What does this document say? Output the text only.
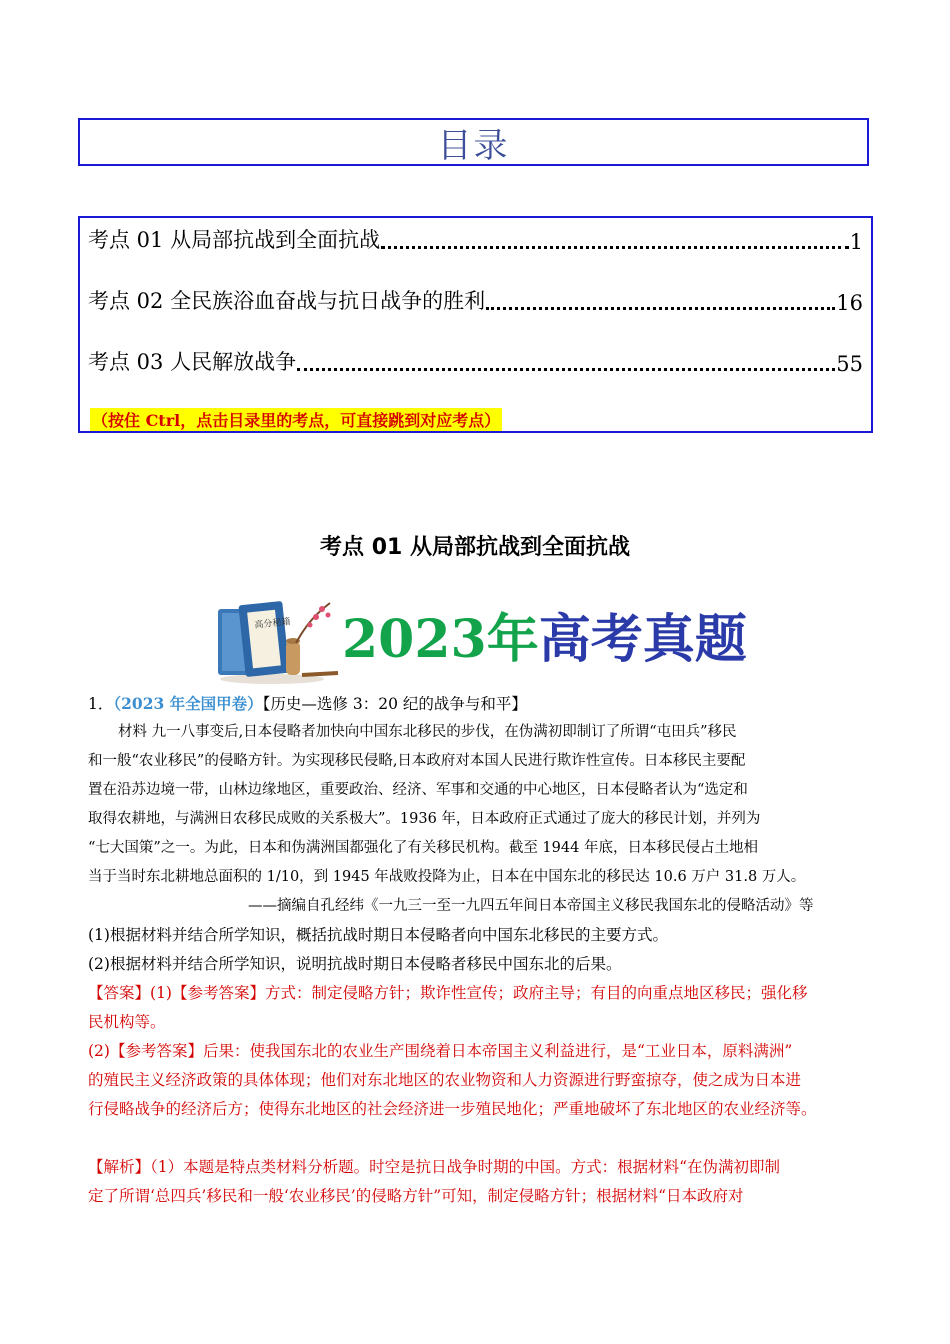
目录
考点 01 从局部抗战到全面抗战	1
考点 02 全民族浴血奋战与抗日战争的胜利	16
考点 03 人民解放战争	55
（按住 Ctrl，点击目录里的考点，可直接跳到对应考点）
考点 01 从局部抗战到全面抗战
高分秘籍 2023年高考真题
1．（2023 年全国甲卷）【历史—选修 3：20 纪的战争与和平】
材料 九一八事变后,日本侵略者加快向中国东北移民的步伐，在伪满初即制订了所谓“屯田兵”移民
和一般“农业移民”的侵略方针。为实现移民侵略,日本政府对本国人民进行欺诈性宣传。日本移民主要配
置在沿苏边境一带，山林边缘地区，重要政治、经济、军事和交通的中心地区，日本侵略者认为“选定和
取得农耕地，与满洲日农移民成败的关系极大”。1936 年，日本政府正式通过了庞大的移民计划，并列为
“七大国策”之一。为此，日本和伪满洲国都强化了有关移民机构。截至 1944 年底，日本移民侵占土地相
当于当时东北耕地总面积的 1/10，到 1945 年战败投降为止，日本在中国东北的移民达 10.6 万户 31.8 万人。
——摘编自孔经纬《一九三一至一九四五年间日本帝国主义移民我国东北的侵略活动》等
(1)根据材料并结合所学知识，概括抗战时期日本侵略者向中国东北移民的主要方式。
(2)根据材料并结合所学知识，说明抗战时期日本侵略者移民中国东北的后果。
【答案】(1)【参考答案】方式：制定侵略方针；欺诈性宣传；政府主导；有目的向重点地区移民；强化移
民机构等。
(2)【参考答案】后果：使我国东北的农业生产围绕着日本帝国主义利益进行，是“工业日本，原料满洲”
的殖民主义经济政策的具体体现；他们对东北地区的农业物资和人力资源进行野蛮掠夺，使之成为日本进
行侵略战争的经济后方；使得东北地区的社会经济进一步殖民地化；严重地破坏了东北地区的农业经济等。
【解析】（1）本题是特点类材料分析题。时空是抗日战争时期的中国。方式：根据材料“在伪满初即制
定了所谓‘总四兵’移民和一般‘农业移民’的侵略方针”可知，制定侵略方针；根据材料“日本政府对
